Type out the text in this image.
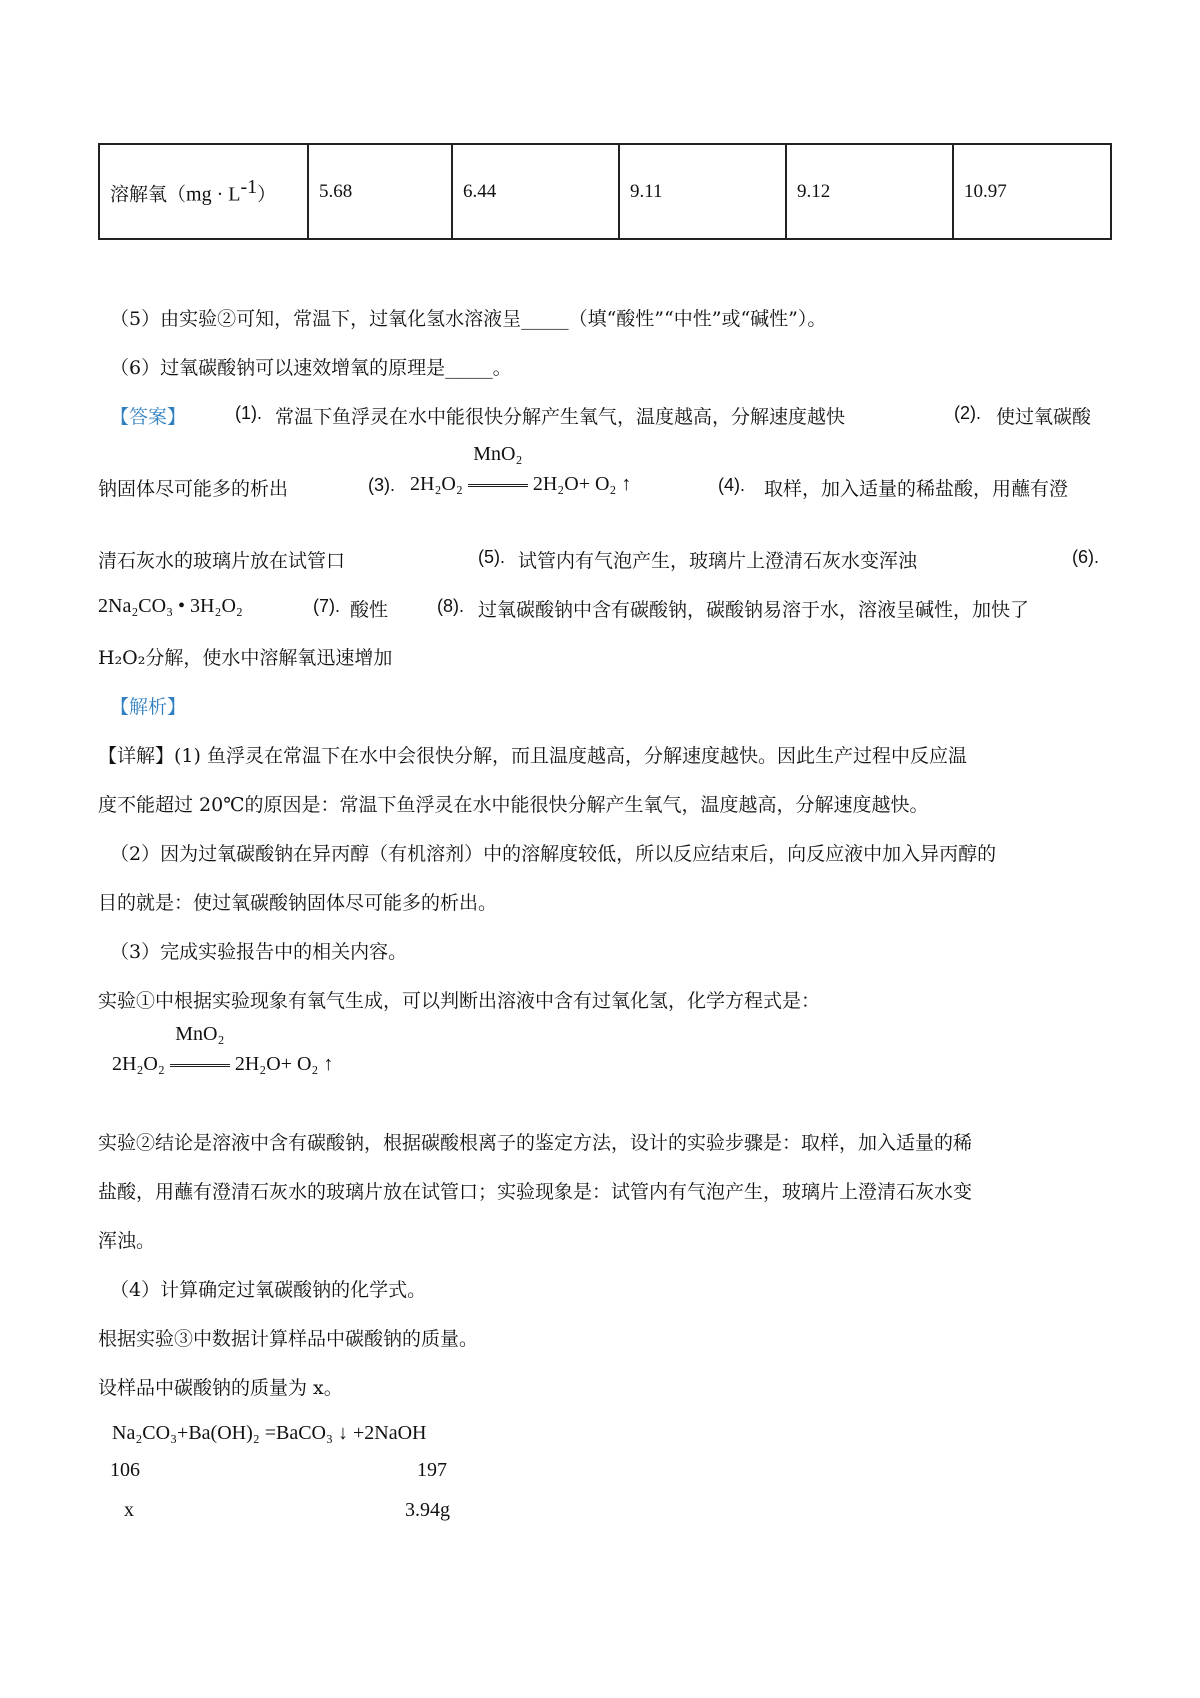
溶解氧$(mg \cdot L^{-1})$	5.68	6.44	9.11	9.12	10.97
（5）由实验②可知，常温下，过氧化氢水溶液呈_____（填“酸性”“中性”或“碱性”）。
（6）过氧碳酸钠可以速效增氧的原理是_____。
【答案】	(1). 常温下鱼浮灵在水中能很快分解产生氧气，温度越高，分解速度越快	(2). 使过氧碳酸
钠固体尽可能多的析出	(3). 2H₂O₂
MnO₂
2H₂O+ O₂ ↑	(4). 取样，加入适量的稀盐酸，用蘸有澄
清石灰水的玻璃片放在试管口	(5). 试管内有气泡产生，玻璃片上澄清石灰水变浑浊	(6).
2Na₂CO₃ • 3H₂O₂	(7). 酸性	(8). 过氧碳酸钠中含有碳酸钠，碳酸钠易溶于水，溶液呈碱性，加快了
H₂O₂分解，使水中溶解氧迅速增加
【解析】
【详解】(1) 鱼浮灵在常温下在水中会很快分解，而且温度越高，分解速度越快。因此生产过程中反应温
度不能超过 20℃的原因是：常温下鱼浮灵在水中能很快分解产生氧气，温度越高，分解速度越快。
（2）因为过氧碳酸钠在异丙醇（有机溶剂）中的溶解度较低，所以反应结束后，向反应液中加入异丙醇的
目的就是：使过氧碳酸钠固体尽可能多的析出。
（3）完成实验报告中的相关内容。
实验①中根据实验现象有氧气生成，可以判断出溶液中含有过氧化氢，化学方程式是：
2H₂O₂
MnO₂
2H₂O+ O₂ ↑
实验②结论是溶液中含有碳酸钠，根据碳酸根离子的鉴定方法，设计的实验步骤是：取样，加入适量的稀
盐酸，用蘸有澄清石灰水的玻璃片放在试管口；实验现象是：试管内有气泡产生，玻璃片上澄清石灰水变
浑浊。
（4）计算确定过氧碳酸钠的化学式。
根据实验③中数据计算样品中碳酸钠的质量。
设样品中碳酸钠的质量为 x。
Na₂CO₃+Ba(OH)₂ =BaCO₃ ↓ +2NaOH
106	197
x	3.94g
